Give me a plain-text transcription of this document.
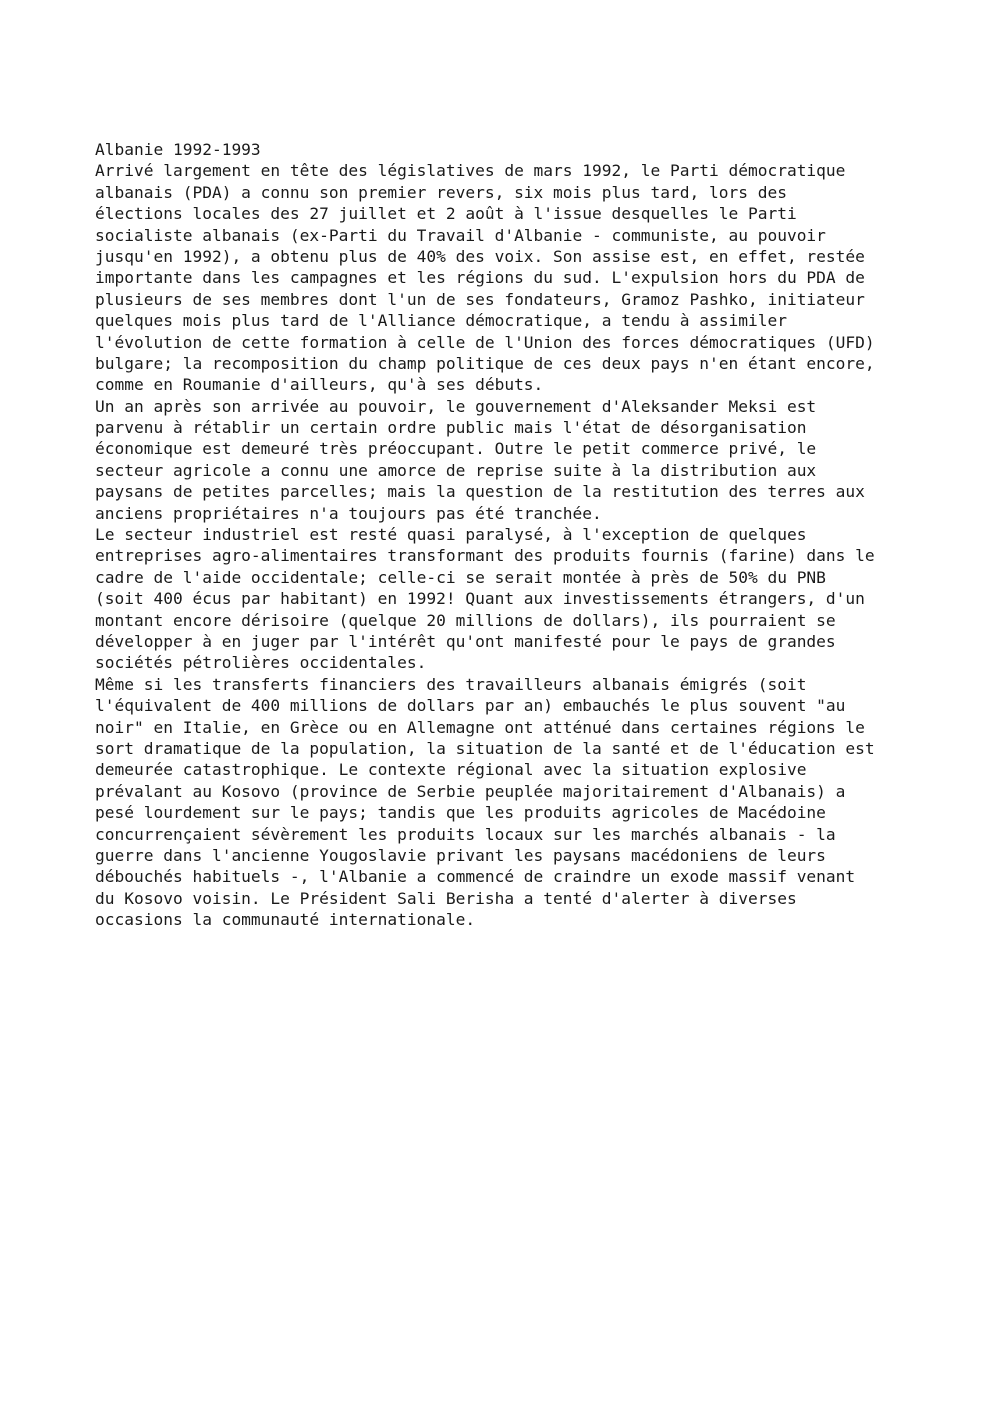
Albanie 1992-1993
Arrivé largement en tête des législatives de mars 1992, le Parti démocratique
albanais (PDA) a connu son premier revers, six mois plus tard, lors des
élections locales des 27 juillet et 2 août à l'issue desquelles le Parti
socialiste albanais (ex-Parti du Travail d'Albanie - communiste, au pouvoir
jusqu'en 1992), a obtenu plus de 40% des voix. Son assise est, en effet, restée
importante dans les campagnes et les régions du sud. L'expulsion hors du PDA de
plusieurs de ses membres dont l'un de ses fondateurs, Gramoz Pashko, initiateur
quelques mois plus tard de l'Alliance démocratique, a tendu à assimiler
l'évolution de cette formation à celle de l'Union des forces démocratiques (UFD)
bulgare; la recomposition du champ politique de ces deux pays n'en étant encore,
comme en Roumanie d'ailleurs, qu'à ses débuts.
Un an après son arrivée au pouvoir, le gouvernement d'Aleksander Meksi est
parvenu à rétablir un certain ordre public mais l'état de désorganisation
économique est demeuré très préoccupant. Outre le petit commerce privé, le
secteur agricole a connu une amorce de reprise suite à la distribution aux
paysans de petites parcelles; mais la question de la restitution des terres aux
anciens propriétaires n'a toujours pas été tranchée.
Le secteur industriel est resté quasi paralysé, à l'exception de quelques
entreprises agro-alimentaires transformant des produits fournis (farine) dans le
cadre de l'aide occidentale; celle-ci se serait montée à près de 50% du PNB
(soit 400 écus par habitant) en 1992! Quant aux investissements étrangers, d'un
montant encore dérisoire (quelque 20 millions de dollars), ils pourraient se
développer à en juger par l'intérêt qu'ont manifesté pour le pays de grandes
sociétés pétrolières occidentales.
Même si les transferts financiers des travailleurs albanais émigrés (soit
l'équivalent de 400 millions de dollars par an) embauchés le plus souvent "au
noir" en Italie, en Grèce ou en Allemagne ont atténué dans certaines régions le
sort dramatique de la population, la situation de la santé et de l'éducation est
demeurée catastrophique. Le contexte régional avec la situation explosive
prévalant au Kosovo (province de Serbie peuplée majoritairement d'Albanais) a
pesé lourdement sur le pays; tandis que les produits agricoles de Macédoine
concurrençaient sévèrement les produits locaux sur les marchés albanais - la
guerre dans l'ancienne Yougoslavie privant les paysans macédoniens de leurs
débouchés habituels -, l'Albanie a commencé de craindre un exode massif venant
du Kosovo voisin. Le Président Sali Berisha a tenté d'alerter à diverses
occasions la communauté internationale.
